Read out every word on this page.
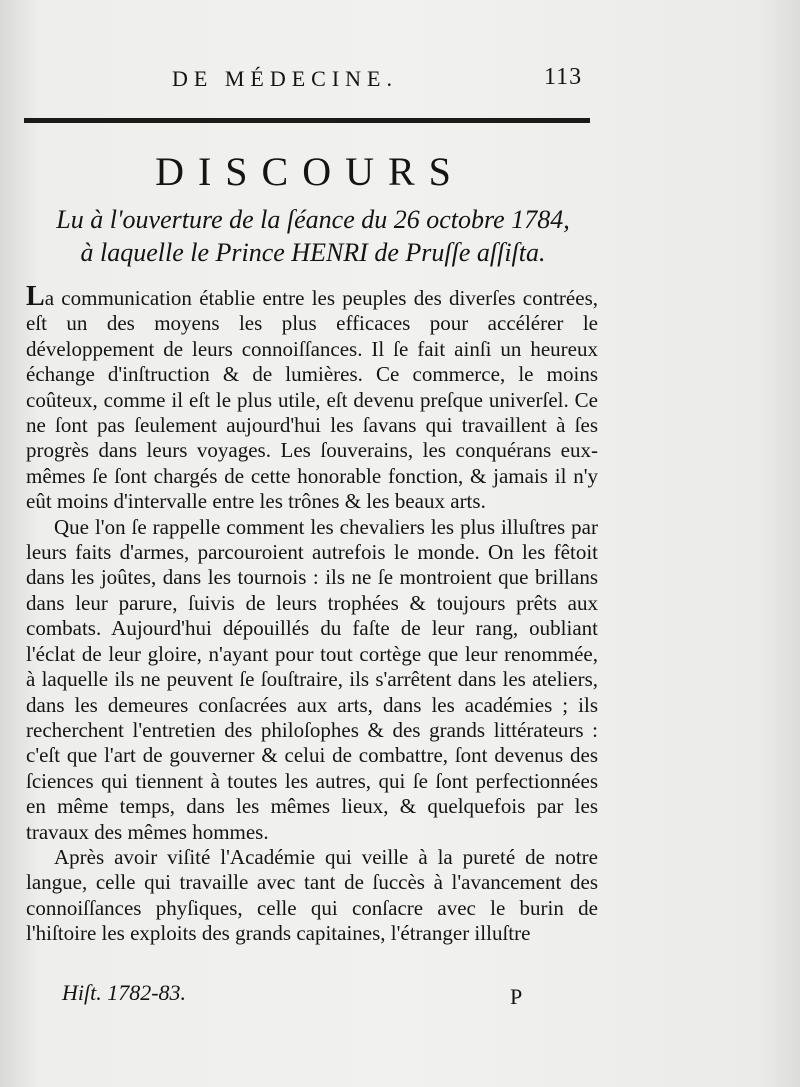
DE MÉDECINE.	113
DISCOURS
Lu à l'ouverture de la ſéance du 26 octobre 1784,
à laquelle le Prince HENRI de Pruſſe aſſiſta.

La communication établie entre les peuples des diverſes contrées, eſt un des moyens les plus efficaces pour accélérer le développement de leurs connoiſſances. Il ſe fait ainſi un heureux échange d'inſtruction & de lumières. Ce commerce, le moins coûteux, comme il eſt le plus utile, eſt devenu preſque univerſel. Ce ne ſont pas ſeulement aujourd'hui les ſavans qui travaillent à ſes progrès dans leurs voyages. Les ſouverains, les conquérans eux-mêmes ſe ſont chargés de cette honorable fonction, & jamais il n'y eût moins d'intervalle entre les trônes & les beaux arts.

Que l'on ſe rappelle comment les chevaliers les plus illuſtres par leurs faits d'armes, parcouroient autrefois le monde. On les fêtoit dans les joûtes, dans les tournois : ils ne ſe montroient que brillans dans leur parure, ſuivis de leurs trophées & toujours prêts aux combats. Aujourd'hui dépouillés du faſte de leur rang, oubliant l'éclat de leur gloire, n'ayant pour tout cortège que leur renommée, à laquelle ils ne peuvent ſe ſouſtraire, ils s'arrêtent dans les ateliers, dans les demeures conſacrées aux arts, dans les académies ; ils recherchent l'entretien des philoſophes & des grands littérateurs : c'eſt que l'art de gouverner & celui de combattre, ſont devenus des ſciences qui tiennent à toutes les autres, qui ſe ſont perfectionnées en même temps, dans les mêmes lieux, & quelquefois par les travaux des mêmes hommes.

Après avoir viſité l'Académie qui veille à la pureté de notre langue, celle qui travaille avec tant de ſuccès à l'avancement des connoiſſances phyſiques, celle qui conſacre avec le burin de l'hiſtoire les exploits des grands capitaines, l'étranger illuſtre

Hiſt. 1782-83.	P
